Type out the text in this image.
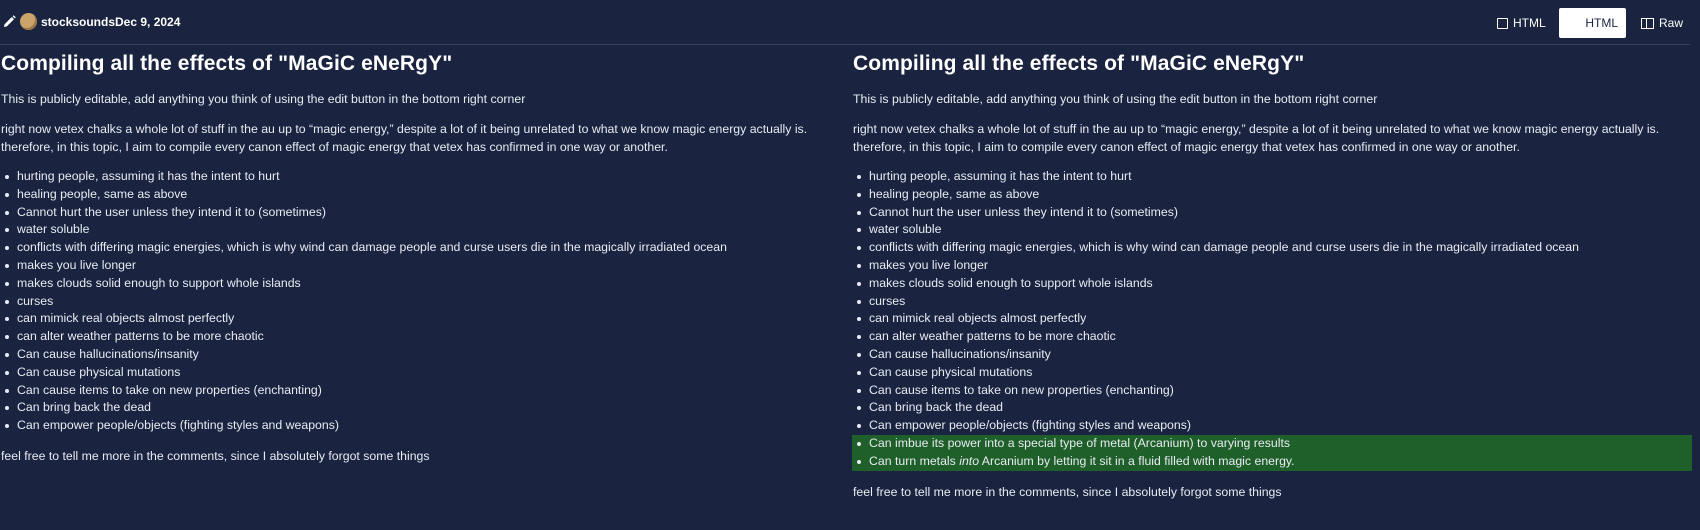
stocksounds Dec 9, 2024	HTML	HTML	Raw
Compiling all the effects of "MaGiC eNeRgY"

This is publicly editable, add anything you think of using the edit button in the bottom right corner

right now vetex chalks a whole lot of stuff in the au up to “magic energy,” despite a lot of it being unrelated to what we know magic energy actually is.

therefore, in this topic, I aim to compile every canon effect of magic energy that vetex has confirmed in one way or another.

hurting people, assuming it has the intent to hurt
healing people, same as above
Cannot hurt the user unless they intend it to (sometimes)
water soluble
conflicts with differing magic energies, which is why wind can damage people and curse users die in the magically irradiated ocean
makes you live longer
makes clouds solid enough to support whole islands
curses
can mimick real objects almost perfectly
can alter weather patterns to be more chaotic
Can cause hallucinations/insanity
Can cause physical mutations
Can cause items to take on new properties (enchanting)
Can bring back the dead
Can empower people/objects (fighting styles and weapons)

feel free to tell me more in the comments, since I absolutely forgot some things

Compiling all the effects of "MaGiC eNeRgY"

This is publicly editable, add anything you think of using the edit button in the bottom right corner

right now vetex chalks a whole lot of stuff in the au up to “magic energy,” despite a lot of it being unrelated to what we know magic energy actually is.

therefore, in this topic, I aim to compile every canon effect of magic energy that vetex has confirmed in one way or another.

hurting people, assuming it has the intent to hurt
healing people, same as above
Cannot hurt the user unless they intend it to (sometimes)
water soluble
conflicts with differing magic energies, which is why wind can damage people and curse users die in the magically irradiated ocean
makes you live longer
makes clouds solid enough to support whole islands
curses
can mimick real objects almost perfectly
can alter weather patterns to be more chaotic
Can cause hallucinations/insanity
Can cause physical mutations
Can cause items to take on new properties (enchanting)
Can bring back the dead
Can empower people/objects (fighting styles and weapons)
Can imbue its power into a special type of metal (Arcanium) to varying results
Can turn metals into Arcanium by letting it sit in a fluid filled with magic energy.

feel free to tell me more in the comments, since I absolutely forgot some things
